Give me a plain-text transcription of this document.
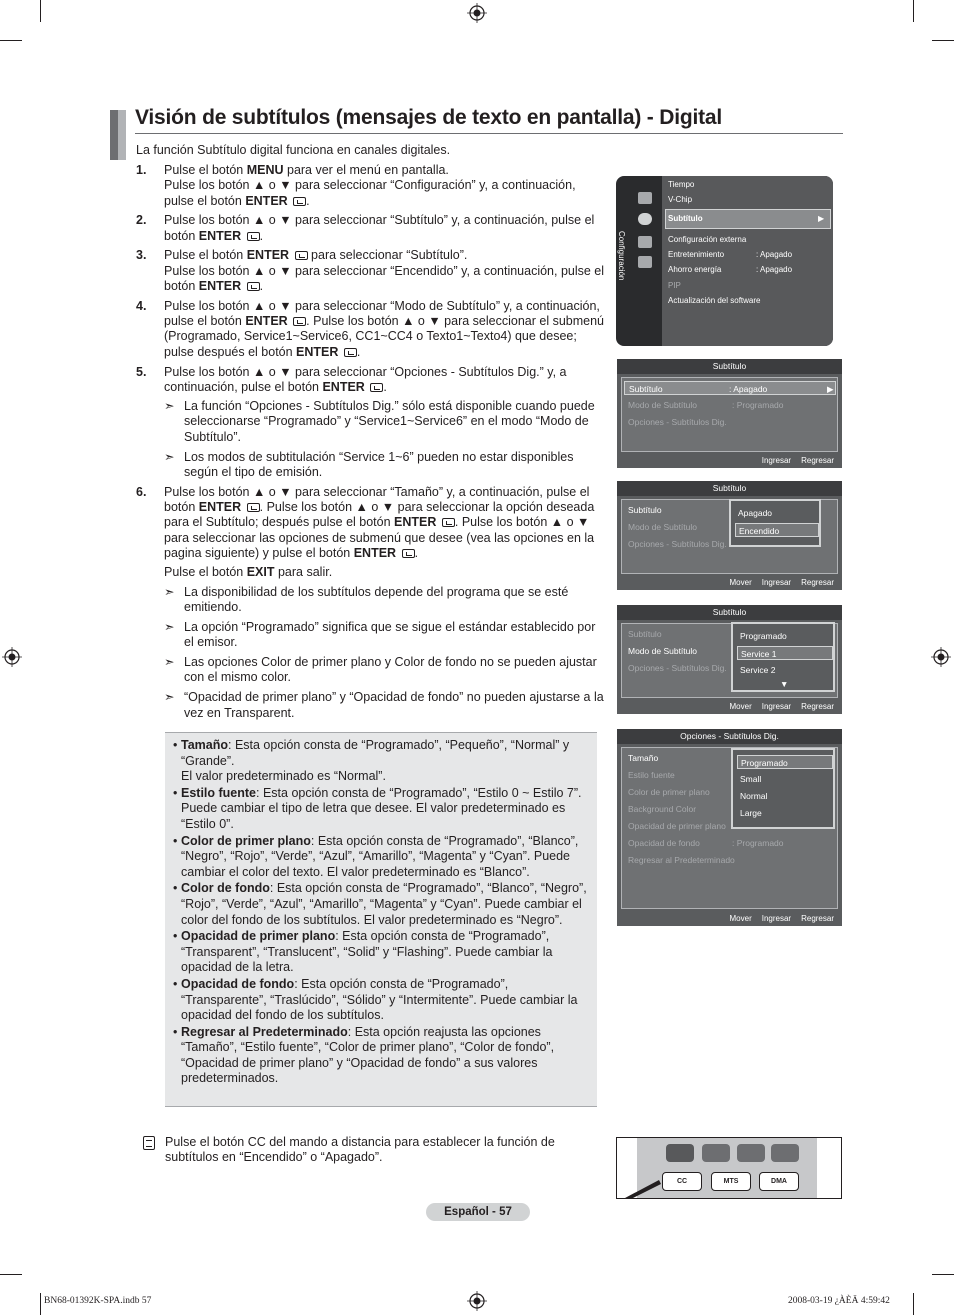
Visión de subtítulos (mensajes de texto en pantalla) - Digital
La función Subtítulo digital funciona en canales digitales.
1. Pulse el botón MENU para ver el menú en pantalla.
Pulse los botón ▲ o ▼ para seleccionar “Configuración” y, a continuación, pulse el botón ENTER .
2. Pulse los botón ▲ o ▼ para seleccionar “Subtítulo” y, a continuación, pulse el botón ENTER .
3. Pulse el botón ENTER  para seleccionar “Subtítulo”.
Pulse los botón ▲ o ▼ para seleccionar “Encendido” y, a continuación, pulse el botón ENTER .
4. Pulse los botón ▲ o ▼ para seleccionar “Modo de Subtítulo” y, a continuación, pulse el botón ENTER . Pulse los botón ▲ o ▼ para seleccionar el submenú (Programado, Service1~Service6, CC1~CC4 o Texto1~Texto4) que desee; pulse después el botón ENTER .
5. Pulse los botón ▲ o ▼ para seleccionar “Opciones - Subtítulos Dig.” y, a continuación, pulse el botón ENTER .
➣ La función “Opciones - Subtítulos Dig.” sólo está disponible cuando puede seleccionarse “Programado” y “Service1~Service6” en el modo “Modo de Subtítulo”.
➣ Los modos de subtitulación “Service 1~6” pueden no estar disponibles según el tipo de emisión.
6. Pulse los botón ▲ o ▼ para seleccionar “Tamaño” y, a continuación, pulse el botón ENTER . Pulse los botón ▲ o ▼ para seleccionar la opción deseada para el Subtítulo; después pulse el botón ENTER . Pulse los botón ▲ o ▼ para seleccionar las opciones de submenú que desee (vea las opciones en la pagina siguiente) y pulse el botón ENTER .
Pulse el botón EXIT para salir.
➣ La disponibilidad de los subtítulos depende del programa que se esté emitiendo.
➣ La opción “Programado” significa que se sigue el estándar establecido por el emisor.
➣ Las opciones Color de primer plano y Color de fondo no se pueden ajustar con el mismo color.
➣ “Opacidad de primer plano” y “Opacidad de fondo” no pueden ajustarse a la vez en Transparent.
• Tamaño: Esta opción consta de “Programado”, “Pequeño”, “Normal” y “Grande”.
El valor predeterminado es “Normal”.
• Estilo fuente: Esta opción consta de “Programado”, “Estilo 0 ~ Estilo 7”. Puede cambiar el tipo de letra que desee. El valor predeterminado es “Estilo 0”.
• Color de primer plano: Esta opción consta de “Programado”, “Blanco”, “Negro”, “Rojo”, “Verde”, “Azul”, “Amarillo”, “Magenta” y “Cyan”. Puede cambiar el color del texto. El valor predeterminado es “Blanco”.
• Color de fondo: Esta opción consta de “Programado”, “Blanco”, “Negro”, “Rojo”, “Verde”, “Azul”, “Amarillo”, “Magenta” y “Cyan”. Puede cambiar el color del fondo de los subtítulos. El valor predeterminado es “Negro”.
• Opacidad de primer plano: Esta opción consta de “Programado”, “Transparent”, “Translucent”, “Solid” y “Flashing”. Puede cambiar la opacidad de la letra.
• Opacidad de fondo: Esta opción consta de “Programado”, “Transparente”, “Traslúcido”, “Sólido” y “Intermitente”. Puede cambiar la opacidad del fondo de los subtítulos.
• Regresar al Predeterminado: Esta opción reajusta las opciones “Tamaño”, “Estilo fuente”, “Color de primer plano”, “Color de fondo”, “Opacidad de primer plano” y “Opacidad de fondo” a sus valores predeterminados.
Pulse el botón CC del mando a distancia para establecer la función de subtítulos en “Encendido” o “Apagado”.
Configuración
Tiempo
V-Chip
Subtítulo	▶
Configuración externa
Entretenimiento	: Apagado
Ahorro energía	: Apagado
PIP
Actualización del software
Subtítulo
Subtítulo	: Apagado	▶
Modo de Subtítulo	: Programado
Opciones - Subtítulos Dig.
Ingresar Regresar
Subtítulo
Subtítulo
Modo de Subtítulo
Opciones - Subtítulos Dig.
Apagado
Encendido
Mover Ingresar Regresar
Subtítulo
Subtítulo
Modo de Subtítulo
Opciones - Subtítulos Dig.
Programado
Service 1
Service 2
▼
Mover Ingresar Regresar
Opciones - Subtítulos Dig.
Tamaño
Estilo fuente
Color de primer plano
Background Color
Opacidad de primer plano
Opacidad de fondo	: Programado
Regresar al Predeterminado
Programado
Small
Normal
Large
Mover Ingresar Regresar
CC	MTS	DMA
Español - 57
BN68-01392K-SPA.indb 57	2008-03-19 ¿ÀÈÄ 4:59:42
